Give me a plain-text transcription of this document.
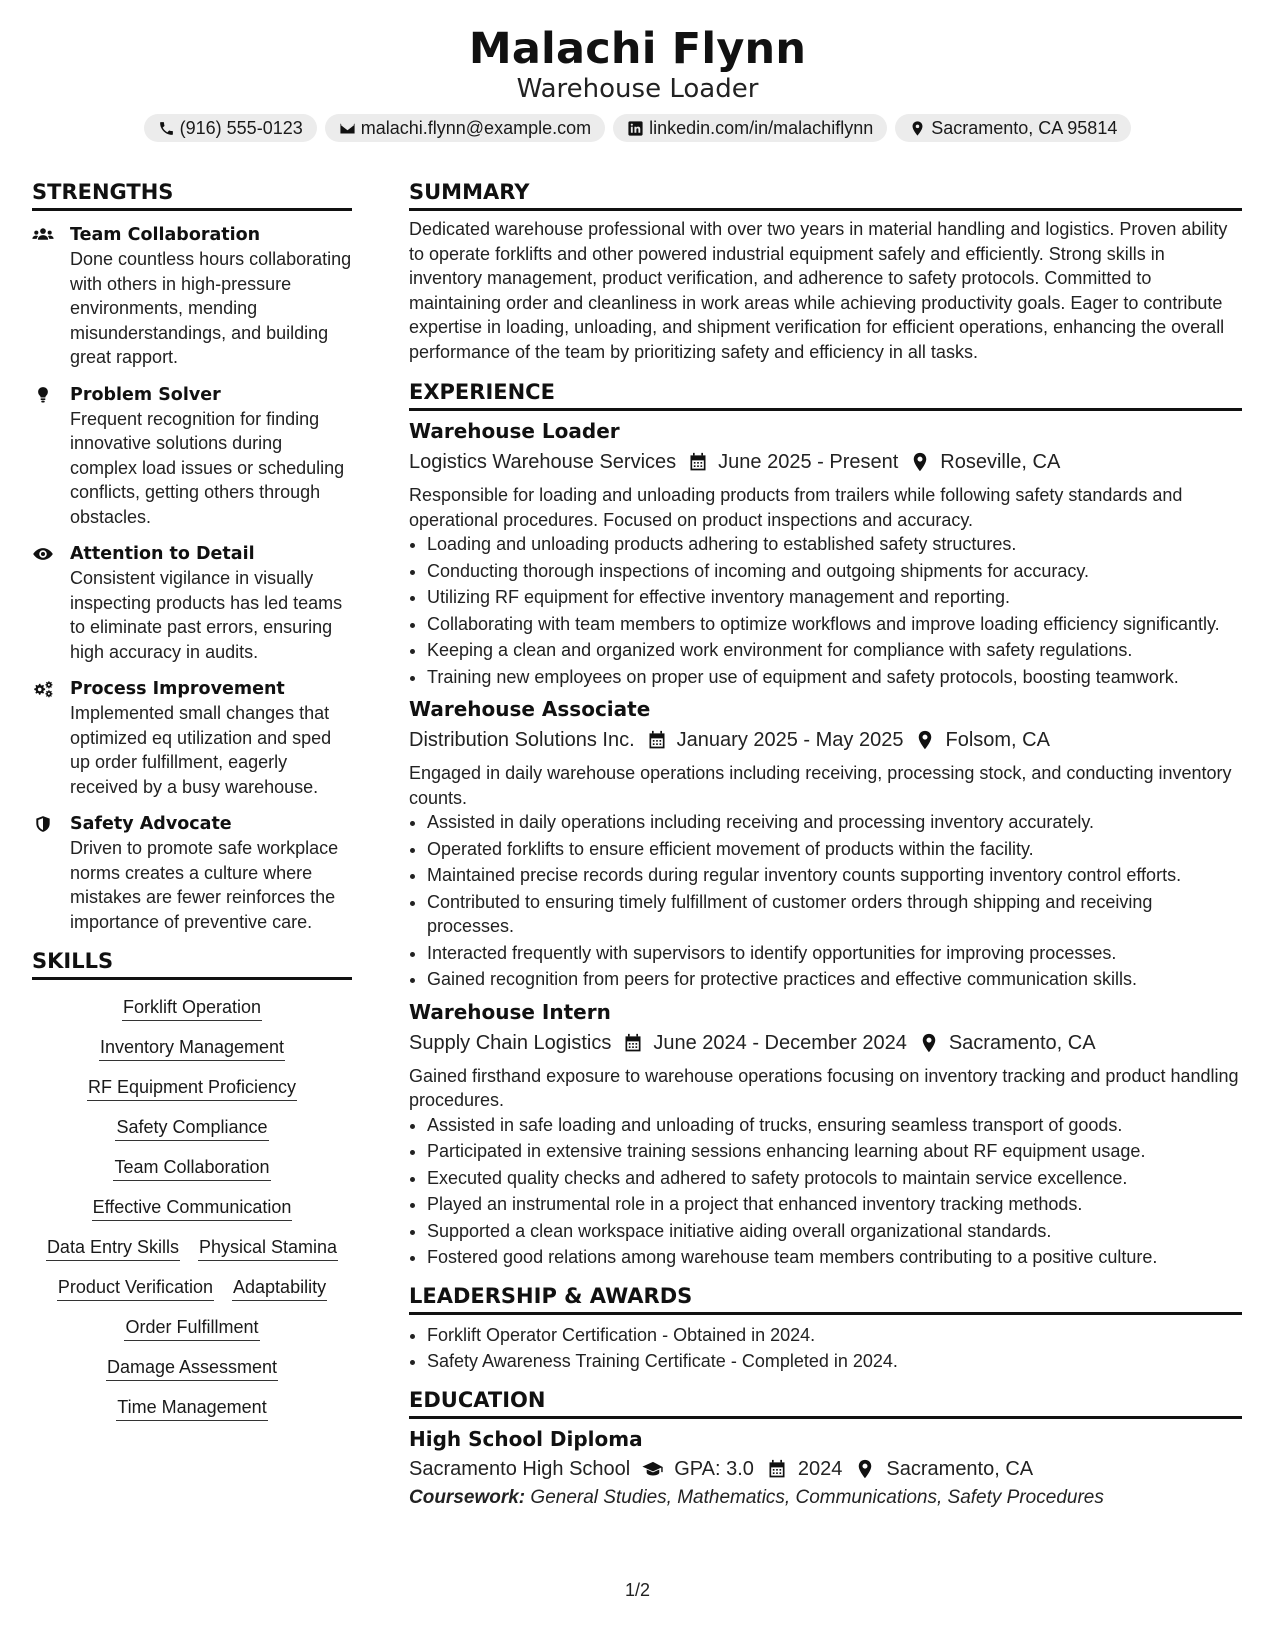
Malachi Flynn
Warehouse Loader
(916) 555-0123	malachi.flynn@example.com	linkedin.com/in/malachiflynn	Sacramento, CA 95814
STRENGTHS
Team Collaboration
Done countless hours collaborating with others in high-pressure environments, mending misunderstandings, and building great rapport.
Problem Solver
Frequent recognition for finding innovative solutions during complex load issues or scheduling conflicts, getting others through obstacles.
Attention to Detail
Consistent vigilance in visually inspecting products has led teams to eliminate past errors, ensuring high accuracy in audits.
Process Improvement
Implemented small changes that optimized eq utilization and sped up order fulfillment, eagerly received by a busy warehouse.
Safety Advocate
Driven to promote safe workplace norms creates a culture where mistakes are fewer reinforces the importance of preventive care.
SKILLS
Forklift Operation
Inventory Management
RF Equipment Proficiency
Safety Compliance
Team Collaboration
Effective Communication
Data Entry Skills Physical Stamina
Product Verification Adaptability
Order Fulfillment
Damage Assessment
Time Management
SUMMARY
Dedicated warehouse professional with over two years in material handling and logistics. Proven ability to operate forklifts and other powered industrial equipment safely and efficiently. Strong skills in inventory management, product verification, and adherence to safety protocols. Committed to maintaining order and cleanliness in work areas while achieving productivity goals. Eager to contribute expertise in loading, unloading, and shipment verification for efficient operations, enhancing the overall performance of the team by prioritizing safety and efficiency in all tasks.
EXPERIENCE
Warehouse Loader
Logistics Warehouse Services June 2025 - Present Roseville, CA
Responsible for loading and unloading products from trailers while following safety standards and operational procedures. Focused on product inspections and accuracy.
• Loading and unloading products adhering to established safety structures.
• Conducting thorough inspections of incoming and outgoing shipments for accuracy.
• Utilizing RF equipment for effective inventory management and reporting.
• Collaborating with team members to optimize workflows and improve loading efficiency significantly.
• Keeping a clean and organized work environment for compliance with safety regulations.
• Training new employees on proper use of equipment and safety protocols, boosting teamwork.
Warehouse Associate
Distribution Solutions Inc. January 2025 - May 2025 Folsom, CA
Engaged in daily warehouse operations including receiving, processing stock, and conducting inventory counts.
• Assisted in daily operations including receiving and processing inventory accurately.
• Operated forklifts to ensure efficient movement of products within the facility.
• Maintained precise records during regular inventory counts supporting inventory control efforts.
• Contributed to ensuring timely fulfillment of customer orders through shipping and receiving processes.
• Interacted frequently with supervisors to identify opportunities for improving processes.
• Gained recognition from peers for protective practices and effective communication skills.
Warehouse Intern
Supply Chain Logistics June 2024 - December 2024 Sacramento, CA
Gained firsthand exposure to warehouse operations focusing on inventory tracking and product handling procedures.
• Assisted in safe loading and unloading of trucks, ensuring seamless transport of goods.
• Participated in extensive training sessions enhancing learning about RF equipment usage.
• Executed quality checks and adhered to safety protocols to maintain service excellence.
• Played an instrumental role in a project that enhanced inventory tracking methods.
• Supported a clean workspace initiative aiding overall organizational standards.
• Fostered good relations among warehouse team members contributing to a positive culture.
LEADERSHIP & AWARDS
• Forklift Operator Certification - Obtained in 2024.
• Safety Awareness Training Certificate - Completed in 2024.
EDUCATION
High School Diploma
Sacramento High School GPA: 3.0 2024 Sacramento, CA
Coursework: General Studies, Mathematics, Communications, Safety Procedures
1/2
